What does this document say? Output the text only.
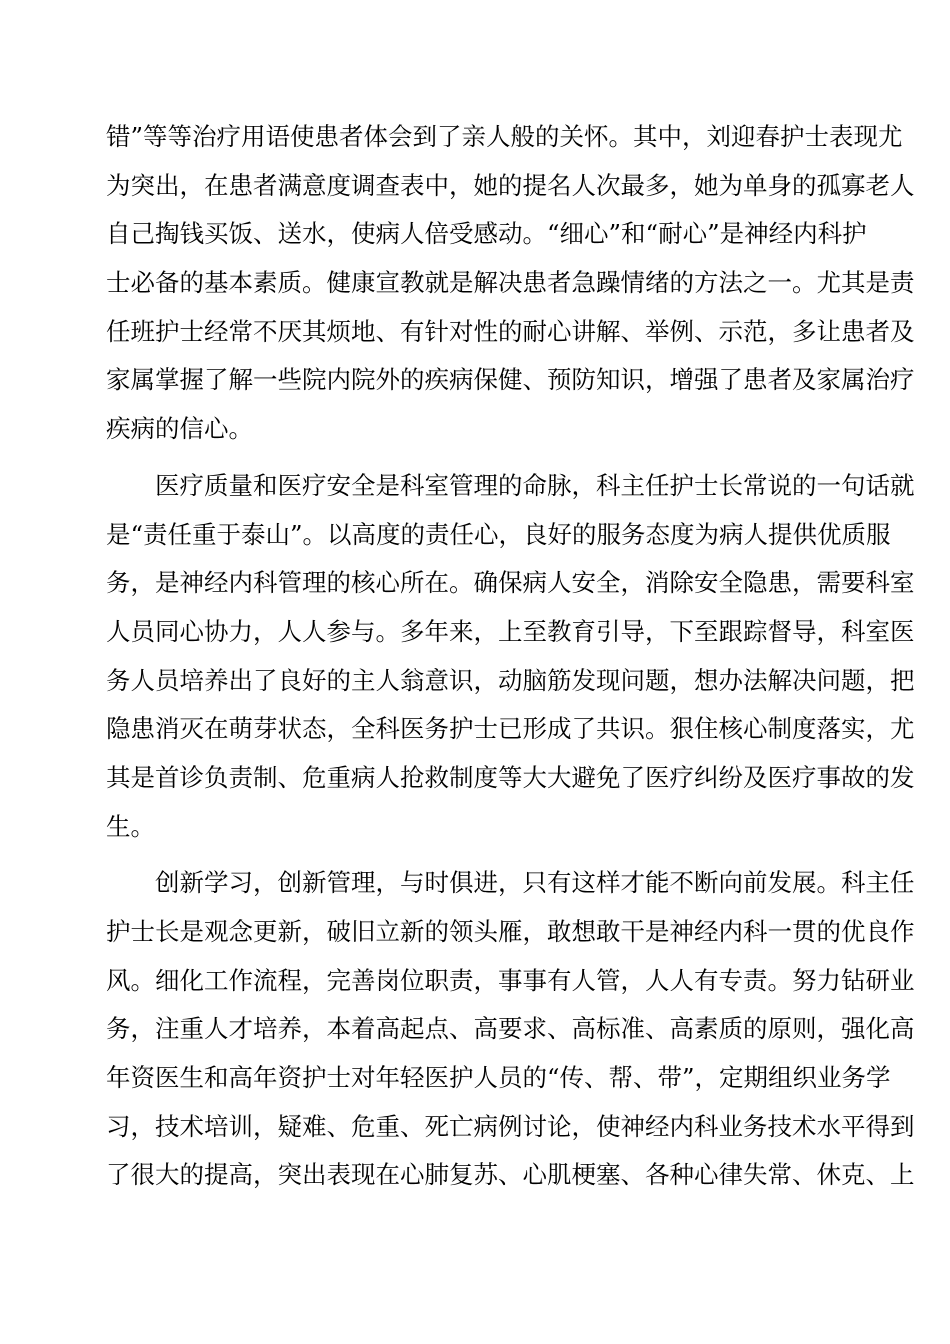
错”等等治疗用语使患者体会到了亲人般的关怀。其中，刘迎春护士表现尤
为突出，在患者满意度调查表中，她的提名人次最多，她为单身的孤寡老人
自己掏钱买饭、送水，使病人倍受感动。“细心”和“耐心”是神经内科护
士必备的基本素质。健康宣教就是解决患者急躁情绪的方法之一。尤其是责
任班护士经常不厌其烦地、有针对性的耐心讲解、举例、示范，多让患者及
家属掌握了解一些院内院外的疾病保健、预防知识，增强了患者及家属治疗
疾病的信心。
医疗质量和医疗安全是科室管理的命脉，科主任护士长常说的一句话就
是“责任重于泰山”。以高度的责任心，良好的服务态度为病人提供优质服
务，是神经内科管理的核心所在。确保病人安全，消除安全隐患，需要科室
人员同心协力，人人参与。多年来，上至教育引导，下至跟踪督导，科室医
务人员培养出了良好的主人翁意识，动脑筋发现问题，想办法解决问题，把
隐患消灭在萌芽状态，全科医务护士已形成了共识。狠住核心制度落实，尤
其是首诊负责制、危重病人抢救制度等大大避免了医疗纠纷及医疗事故的发
生。
创新学习，创新管理，与时俱进，只有这样才能不断向前发展。科主任
护士长是观念更新，破旧立新的领头雁，敢想敢干是神经内科一贯的优良作
风。细化工作流程，完善岗位职责，事事有人管，人人有专责。努力钻研业
务，注重人才培养，本着高起点、高要求、高标准、高素质的原则，强化高
年资医生和高年资护士对年轻医护人员的“传、帮、带”，定期组织业务学
习，技术培训，疑难、危重、死亡病例讨论，使神经内科业务技术水平得到
了很大的提高，突出表现在心肺复苏、心肌梗塞、各种心律失常、休克、上
